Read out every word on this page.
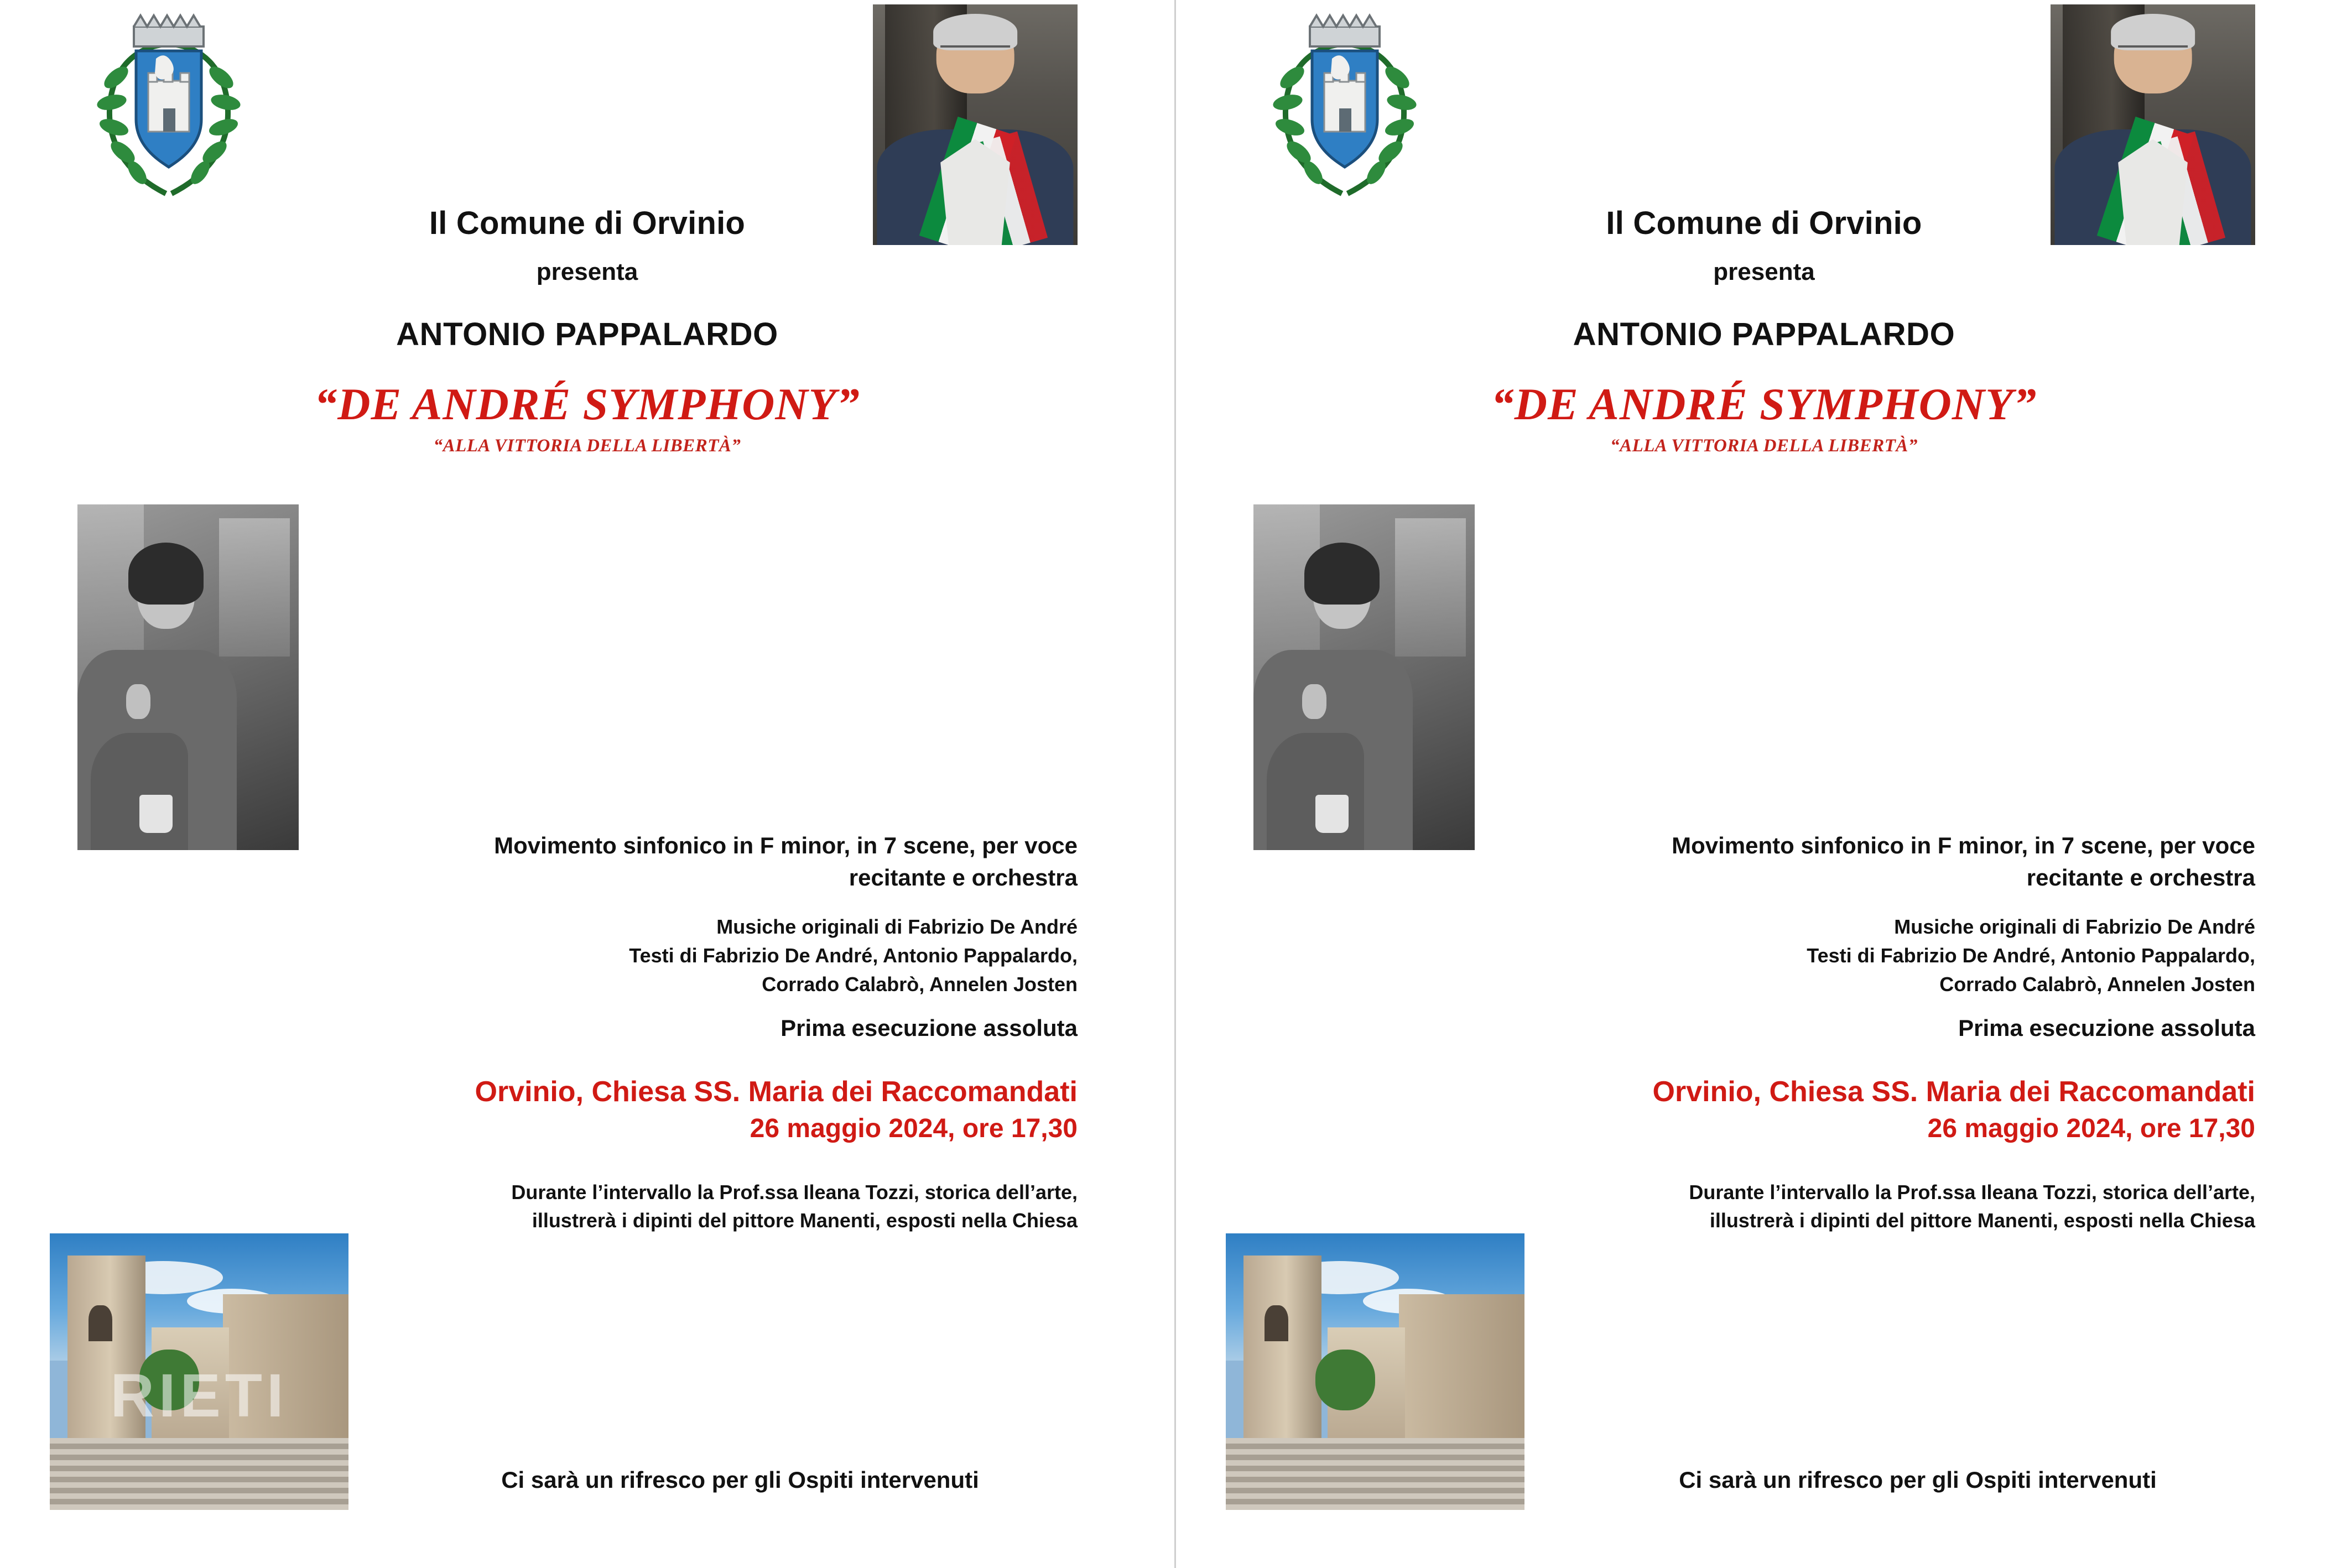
Il Comune di Orvinio
presenta
ANTONIO PAPPALARDO
“DE ANDRÉ SYMPHONY”
“ALLA VITTORIA DELLA LIBERTÀ”
Movimento sinfonico in F minor, in 7 scene, per voce recitante e orchestra
Musiche originali di Fabrizio De André
Testi di Fabrizio De André, Antonio Pappalardo,
Corrado Calabrò, Annelen Josten
Prima esecuzione assoluta
Orvinio, Chiesa SS. Maria dei Raccomandati
26 maggio 2024, ore 17,30
Durante l’intervallo la Prof.ssa Ileana Tozzi, storica dell’arte,
illustrerà i dipinti del pittore Manenti, esposti nella Chiesa
RIETI
Ci sarà un rifresco per gli Ospiti intervenuti
Il Comune di Orvinio
presenta
ANTONIO PAPPALARDO
“DE ANDRÉ SYMPHONY”
“ALLA VITTORIA DELLA LIBERTÀ”
Movimento sinfonico in F minor, in 7 scene, per voce recitante e orchestra
Musiche originali di Fabrizio De André
Testi di Fabrizio De André, Antonio Pappalardo,
Corrado Calabrò, Annelen Josten
Prima esecuzione assoluta
Orvinio, Chiesa SS. Maria dei Raccomandati
26 maggio 2024, ore 17,30
Durante l’intervallo la Prof.ssa Ileana Tozzi, storica dell’arte,
illustrerà i dipinti del pittore Manenti, esposti nella Chiesa
Ci sarà un rifresco per gli Ospiti intervenuti
